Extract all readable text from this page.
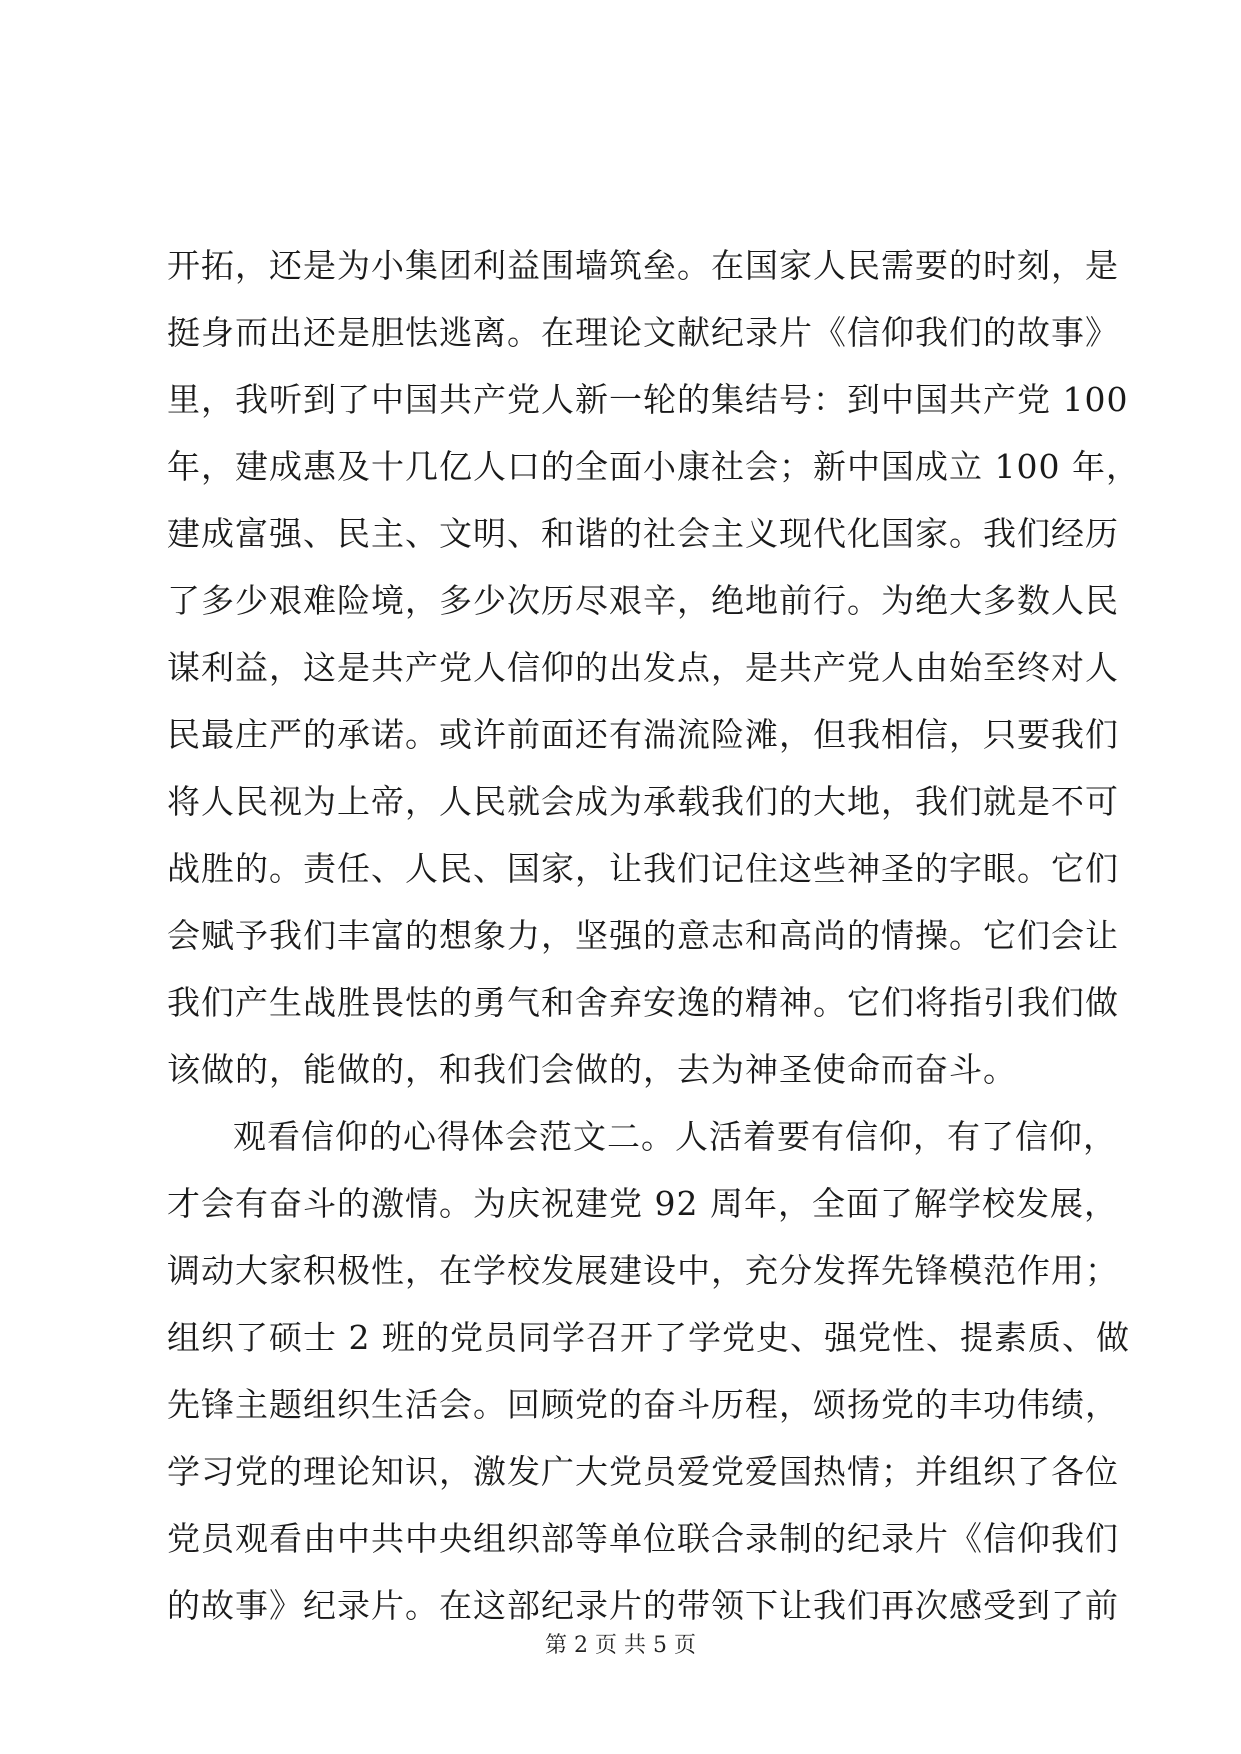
开拓，还是为小集团利益围墙筑垒。在国家人民需要的时刻，是
挺身而出还是胆怯逃离。在理论文献纪录片《信仰我们的故事》
里，我听到了中国共产党人新一轮的集结号：到中国共产党 100
年，建成惠及十几亿人口的全面小康社会；新中国成立 100 年，
建成富强、民主、文明、和谐的社会主义现代化国家。我们经历
了多少艰难险境，多少次历尽艰辛，绝地前行。为绝大多数人民
谋利益，这是共产党人信仰的出发点，是共产党人由始至终对人
民最庄严的承诺。或许前面还有湍流险滩，但我相信，只要我们
将人民视为上帝，人民就会成为承载我们的大地，我们就是不可
战胜的。责任、人民、国家，让我们记住这些神圣的字眼。它们
会赋予我们丰富的想象力，坚强的意志和高尚的情操。它们会让
我们产生战胜畏怯的勇气和舍弃安逸的精神。它们将指引我们做
该做的，能做的，和我们会做的，去为神圣使命而奋斗。
观看信仰的心得体会范文二。人活着要有信仰，有了信仰，
才会有奋斗的激情。为庆祝建党 92 周年，全面了解学校发展，
调动大家积极性，在学校发展建设中，充分发挥先锋模范作用；
组织了硕士 2 班的党员同学召开了学党史、强党性、提素质、做
先锋主题组织生活会。回顾党的奋斗历程，颂扬党的丰功伟绩，
学习党的理论知识，激发广大党员爱党爱国热情；并组织了各位
党员观看由中共中央组织部等单位联合录制的纪录片《信仰我们
的故事》纪录片。在这部纪录片的带领下让我们再次感受到了前
第 2 页 共 5 页
